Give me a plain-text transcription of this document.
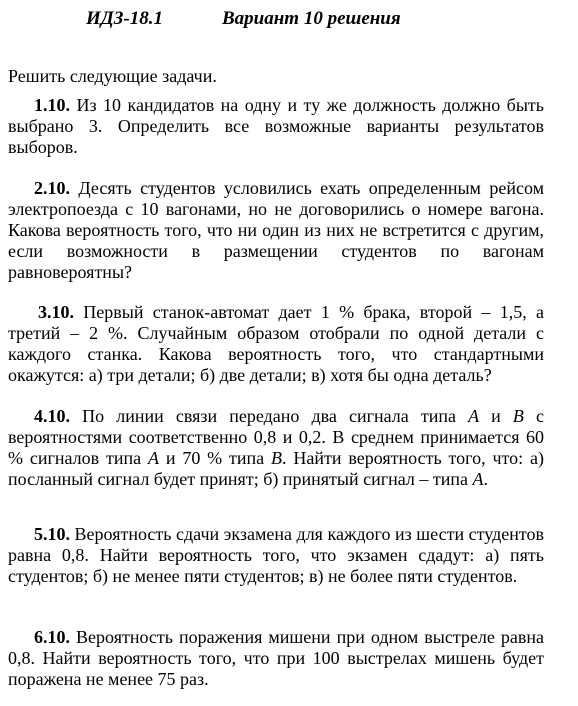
ИДЗ-18.1	Вариант 10 решения
Решить следующие задачи.
1.10. Из 10 кандидатов на одну и ту же должность должно быть выбрано 3. Определить все возможные варианты результатов выборов.
2.10. Десять студентов условились ехать определенным рейсом электропоезда с 10 вагонами, но не договорились о номере вагона. Какова вероятность того, что ни один из них не встретится с другим, если возможности в размещении студентов по вагонам равновероятны?
3.10. Первый станок-автомат дает 1 % брака, второй – 1,5, а третий – 2 %. Случайным образом отобрали по одной детали с каждого станка. Какова вероятность того, что стандартными окажутся: а) три детали; б) две детали; в) хотя бы одна деталь?
4.10. По линии связи передано два сигнала типа A и B с вероятностями соответственно 0,8 и 0,2. В среднем принимается 60 % сигналов типа A и 70 % типа B. Найти вероятность того, что: а) посланный сигнал будет принят; б) принятый сигнал – типа A.
5.10. Вероятность сдачи экзамена для каждого из шести студентов равна 0,8. Найти вероятность того, что экзамен сдадут: а) пять студентов; б) не менее пяти студентов; в) не более пяти студентов.
6.10. Вероятность поражения мишени при одном выстреле равна 0,8. Найти вероятность того, что при 100 выстрелах мишень будет поражена не менее 75 раз.
